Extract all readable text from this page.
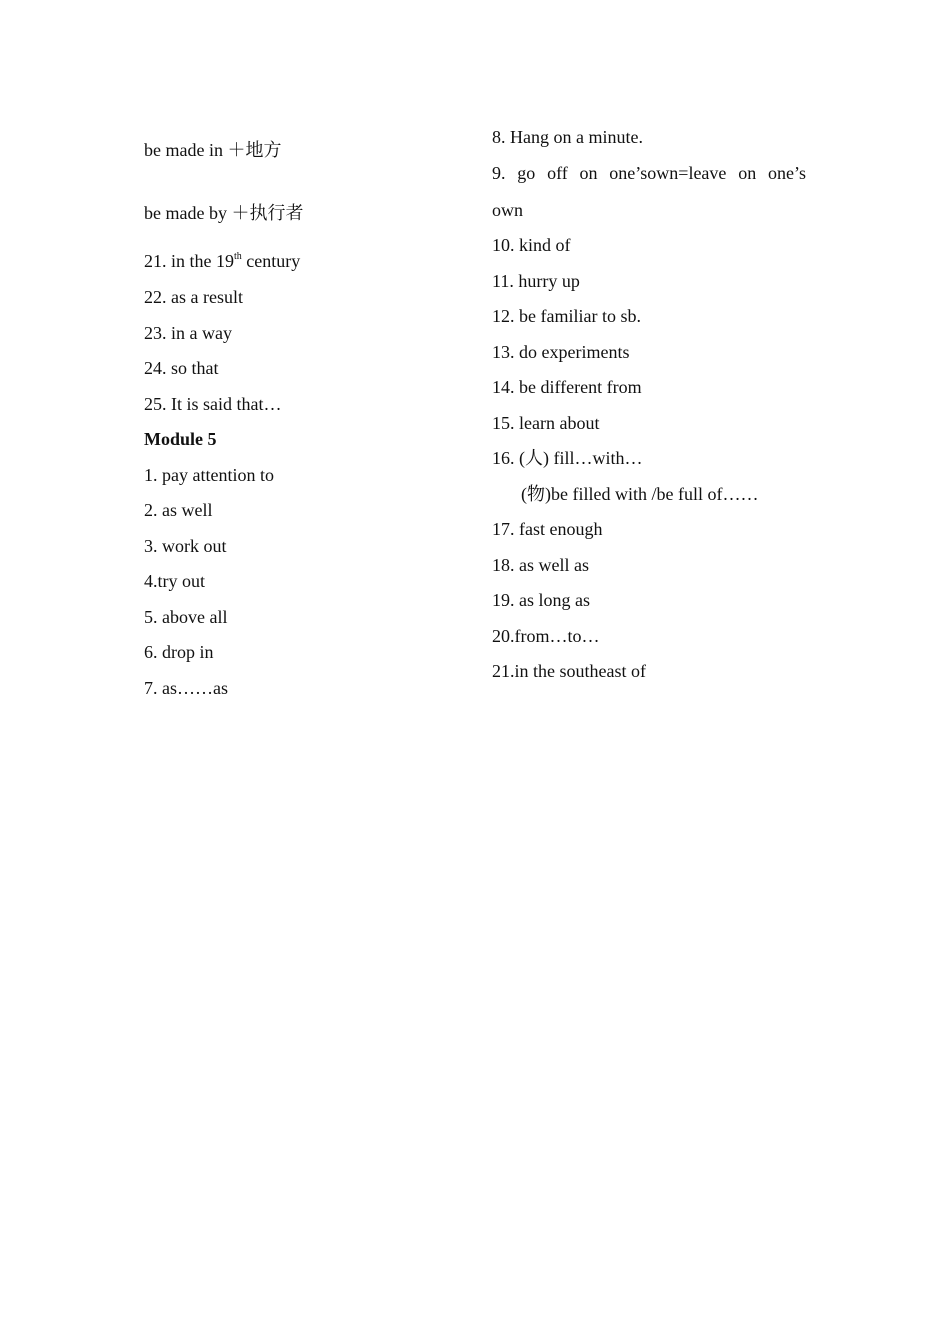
be made in ＋地方
be made by ＋执行者
21. in the 19th century
22. as a result
23. in a way
24. so that
25. It is said that…
Module 5
1. pay attention to
2. as well
3. work out
4.try out
5. above all
6. drop in
7. as……as
8. Hang on a minute.
9. go off on one’sown=leave on one’s
own
10. kind of
11. hurry up
12. be familiar to sb.
13. do experiments
14. be different from
15. learn about
16. (人) fill…with…
(物)be filled with /be full of……
17. fast enough
18. as well as
19. as long as
20.from…to…
21.in the southeast of
